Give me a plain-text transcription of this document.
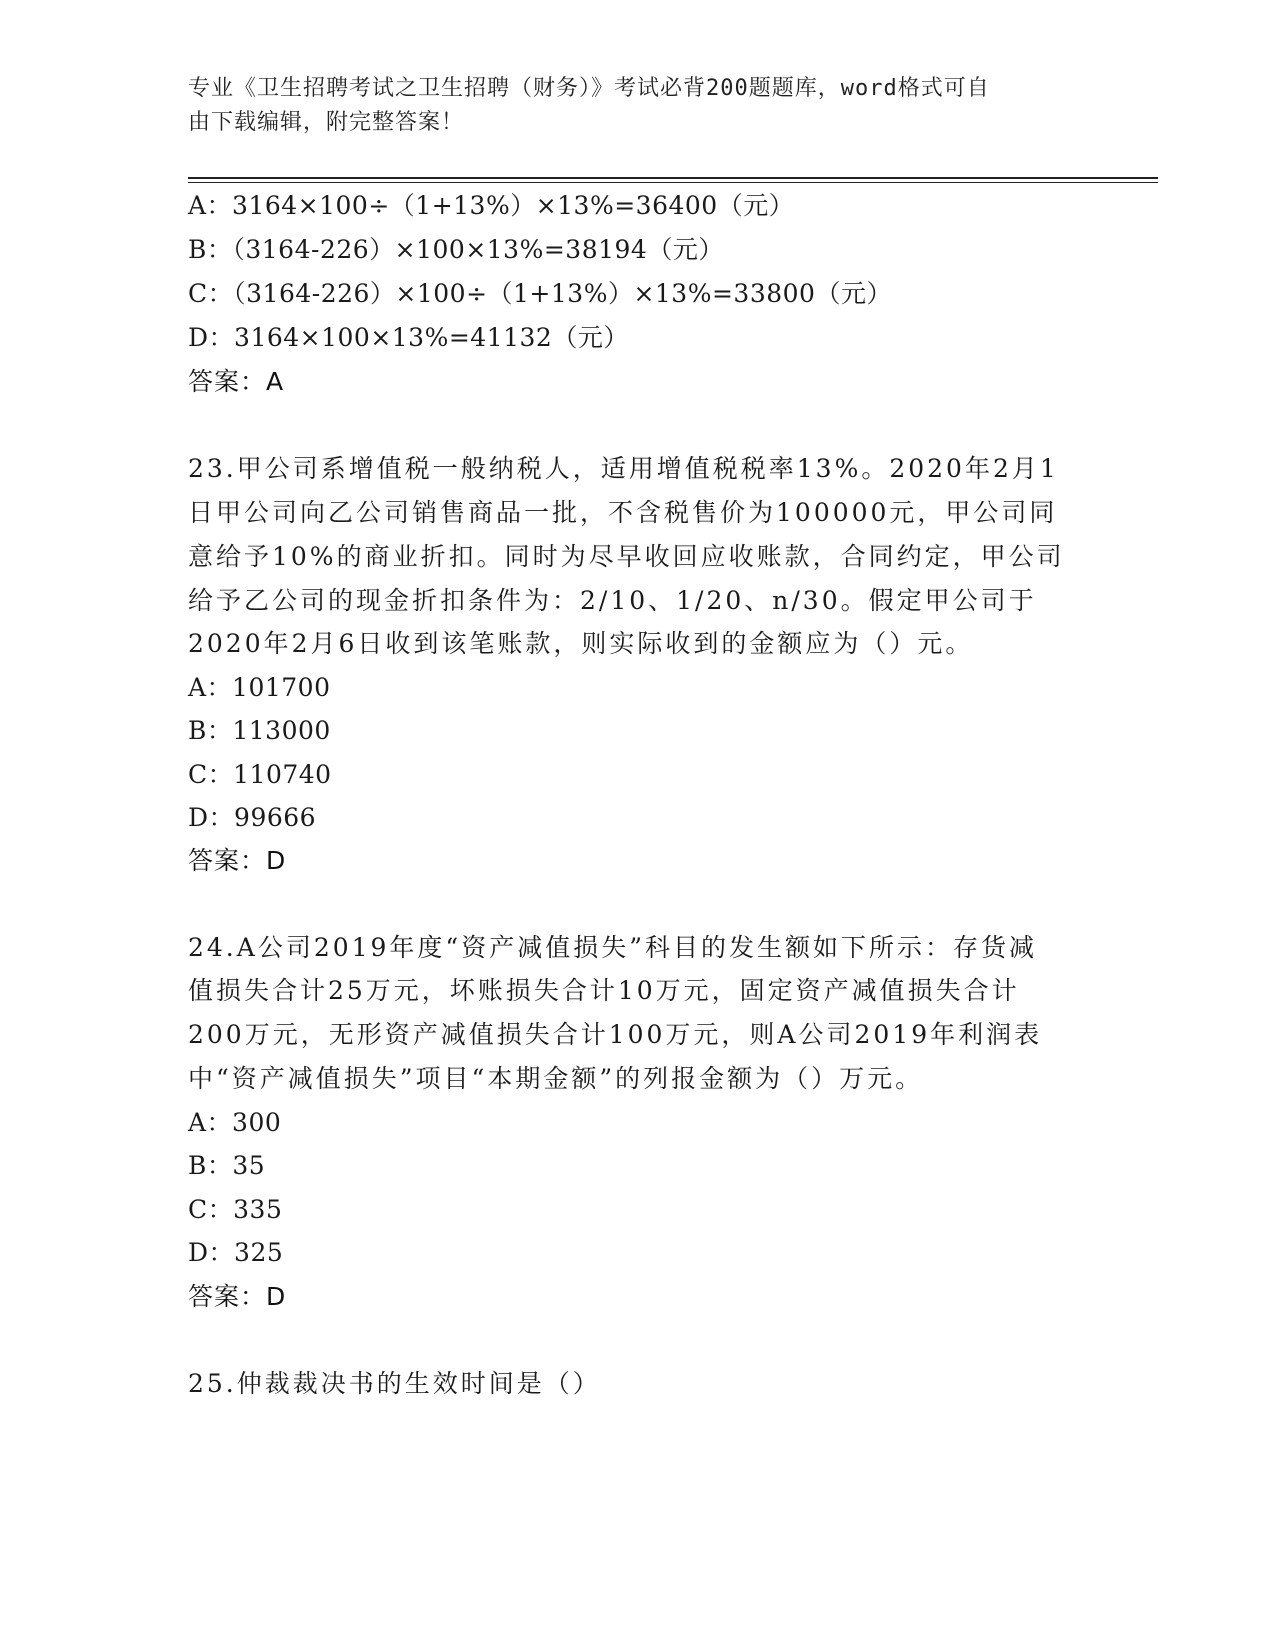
专业《卫生招聘考试之卫生招聘（财务）》考试必背200题题库，word格式可自
由下载编辑，附完整答案！
A：3164×100÷（1+13%）×13%=36400（元）
B：（3164-226）×100×13%=38194（元）
C：（3164-226）×100÷（1+13%）×13%=33800（元）
D：3164×100×13%=41132（元）
答案：A
23.甲公司系增值税一般纳税人，适用增值税税率13%。2020年2月1
日甲公司向乙公司销售商品一批，不含税售价为100000元，甲公司同
意给予10%的商业折扣。同时为尽早收回应收账款，合同约定，甲公司
给予乙公司的现金折扣条件为：2/10、1/20、n/30。假定甲公司于
2020年2月6日收到该笔账款，则实际收到的金额应为（）元。
A：101700
B：113000
C：110740
D：99666
答案：D
24.A公司2019年度“资产减值损失”科目的发生额如下所示：存货减
值损失合计25万元，坏账损失合计10万元，固定资产减值损失合计
200万元，无形资产减值损失合计100万元，则A公司2019年利润表
中“资产减值损失”项目“本期金额”的列报金额为（）万元。
A：300
B：35
C：335
D：325
答案：D
25.仲裁裁决书的生效时间是（）
